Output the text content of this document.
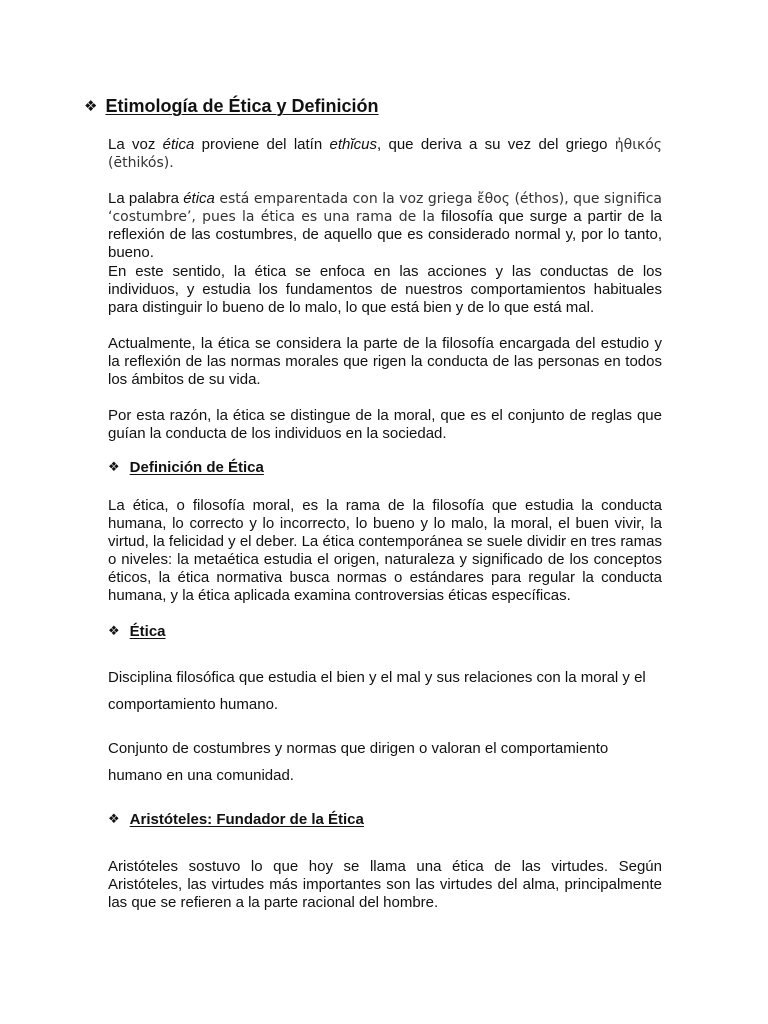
❖ Etimología de Ética y Definición

La voz ética proviene del latín ethĭcus, que deriva a su vez del griego ἠθικός (ēthikós).

La palabra ética está emparentada con la voz griega ἔθος (éthos), que significa ‘costumbre’, pues la ética es una rama de la filosofía que surge a partir de la reflexión de las costumbres, de aquello que es considerado normal y, por lo tanto, bueno.

En este sentido, la ética se enfoca en las acciones y las conductas de los individuos, y estudia los fundamentos de nuestros comportamientos habituales para distinguir lo bueno de lo malo, lo que está bien y de lo que está mal.

Actualmente, la ética se considera la parte de la filosofía encargada del estudio y la reflexión de las normas morales que rigen la conducta de las personas en todos los ámbitos de su vida.

Por esta razón, la ética se distingue de la moral, que es el conjunto de reglas que guían la conducta de los individuos en la sociedad.

❖ Definición de Ética

La ética, o filosofía moral, es la rama de la filosofía que estudia la conducta humana, lo correcto y lo incorrecto, lo bueno y lo malo, la moral, el buen vivir, la virtud, la felicidad y el deber. La ética contemporánea se suele dividir en tres ramas o niveles: la metaética estudia el origen, naturaleza y significado de los conceptos éticos, la ética normativa busca normas o estándares para regular la conducta humana, y la ética aplicada examina controversias éticas específicas.

❖ Ética

Disciplina filosófica que estudia el bien y el mal y sus relaciones con la moral y el comportamiento humano.

Conjunto de costumbres y normas que dirigen o valoran el comportamiento humano en una comunidad.

❖ Aristóteles: Fundador de la Ética

Aristóteles sostuvo lo que hoy se llama una ética de las virtudes. Según Aristóteles, las virtudes más importantes son las virtudes del alma, principalmente las que se refieren a la parte racional del hombre.
